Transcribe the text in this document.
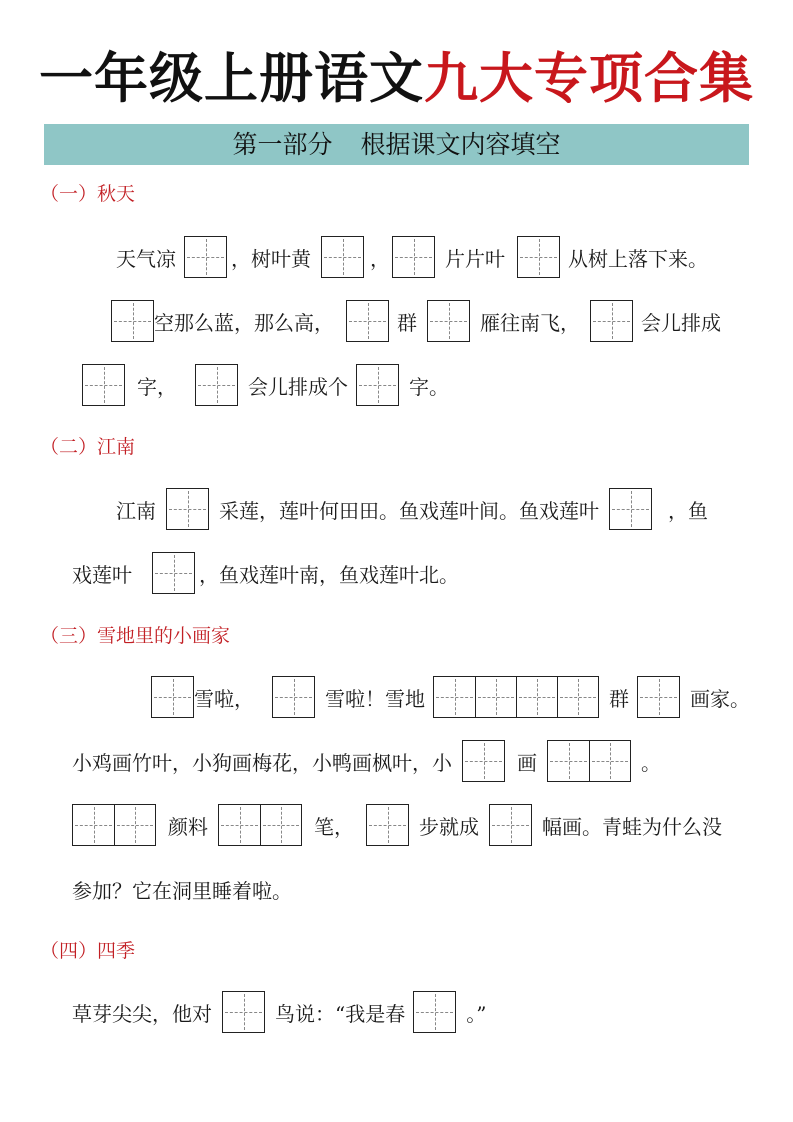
一年级上册语文九大专项合集
第一部分 根据课文内容填空
（一）秋天
天气凉	，树叶黄	，	片片叶	从树上落下来。
空那么蓝，那么高，	群	雁往南飞，	会儿排成
字，	会儿排成个	字。
（二）江南
江南	采莲，莲叶何田田。鱼戏莲叶间。鱼戏莲叶	，鱼
戏莲叶	，鱼戏莲叶南，鱼戏莲叶北。
（三）雪地里的小画家
雪啦，	雪啦！雪地	群	画家。
小鸡画竹叶，小狗画梅花，小鸭画枫叶，小	画	。
颜料	笔，	步就成	幅画。青蛙为什么没
参加？它在洞里睡着啦。
（四）四季
草芽尖尖，他对	鸟说：“我是春	。”
